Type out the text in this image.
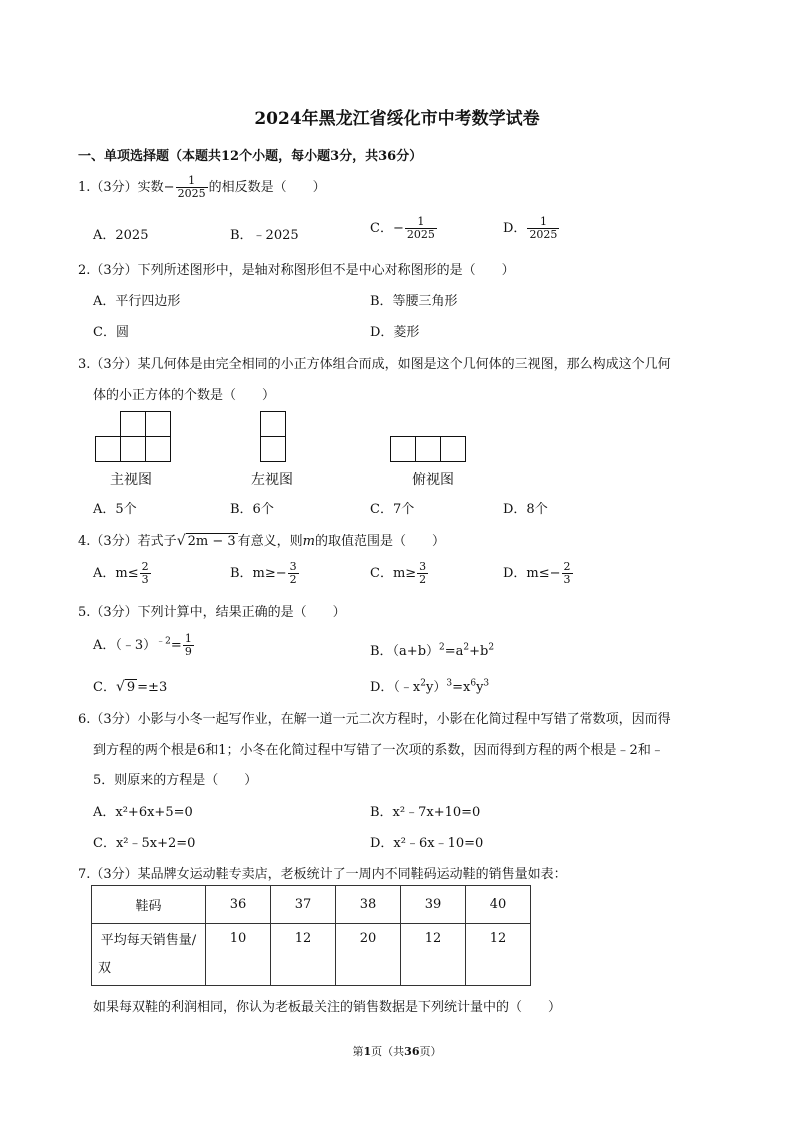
2024年黑龙江省绥化市中考数学试卷
一、单项选择题（本题共12个小题，每小题3分，共36分）
1.（3分）实数− $\frac{1}{2025}$ 的相反数是（　　）
A．2025	B．﹣2025	C．− $\frac{1}{2025}$	D． $\frac{1}{2025}$
2.（3分）下列所述图形中，是轴对称图形但不是中心对称图形的是（　　）
A．平行四边形	B．等腰三角形
C．圆	D．菱形
3.（3分）某几何体是由完全相同的小正方体组合而成，如图是这个几何体的三视图，那么构成这个几何
体的小正方体的个数是（　　）
主视图	左视图	俯视图
A．5个	B．6个	C．7个	D．8个
4.（3分）若式子√ 2m − 3 有意义，则m的取值范围是（　　）
A．$m\le \frac{2}{3}$	B．$m\ge- \frac{3}{2}$	C．$m\ge \frac{3}{2}$	D．$m\le- \frac{2}{3}$
5.（3分）下列计算中，结果正确的是（　　）
A．（﹣3）$^{﹣2}$= $\frac{1}{9}$	B．$(a+b)^2=a^2+b^2$
C．√ 9 =±3	D．$(﹣x^2y)^3=x^6y^3$
6.（3分）小影与小冬一起写作业，在解一道一元二次方程时，小影在化简过程中写错了常数项，因而得
到方程的两个根是6和1；小冬在化简过程中写错了一次项的系数，因而得到方程的两个根是﹣2和﹣
5．则原来的方程是（　　）
A．x²+6x+5=0	B．x²﹣7x+10=0
C．x²﹣5x+2=0	D．x²﹣6x﹣10=0
7.（3分）某品牌女运动鞋专卖店，老板统计了一周内不同鞋码运动鞋的销售量如表：
鞋码	36	37	38	39	40

平均每天销售量/
双	10	12	20	12	12
如果每双鞋的利润相同，你认为老板最关注的销售数据是下列统计量中的（　　）
第1页（共36页）
